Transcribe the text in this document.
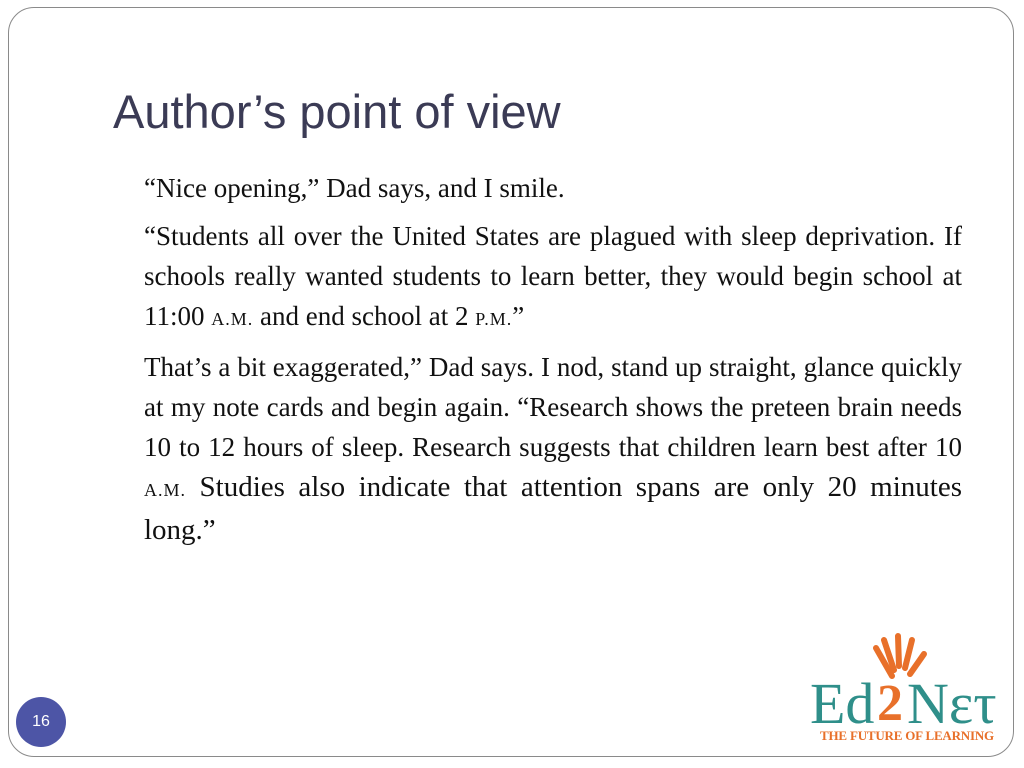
Author’s point of view

“Nice opening,” Dad says, and I smile.

“Students all over the United States are plagued with sleep deprivation. If schools really wanted students to learn better, they would begin school at 11:00 A.M. and end school at 2 P.M.”

That’s a bit exaggerated,” Dad says. I nod, stand up straight, glance quickly at my note cards and begin again. “Research shows the preteen brain needs 10 to 12 hours of sleep. Research suggests that children learn best after 10 A.M. Studies also indicate that attention spans are only 20 minutes long.”

16	Ed 2 Nετ
THE FUTURE OF LEARNING
